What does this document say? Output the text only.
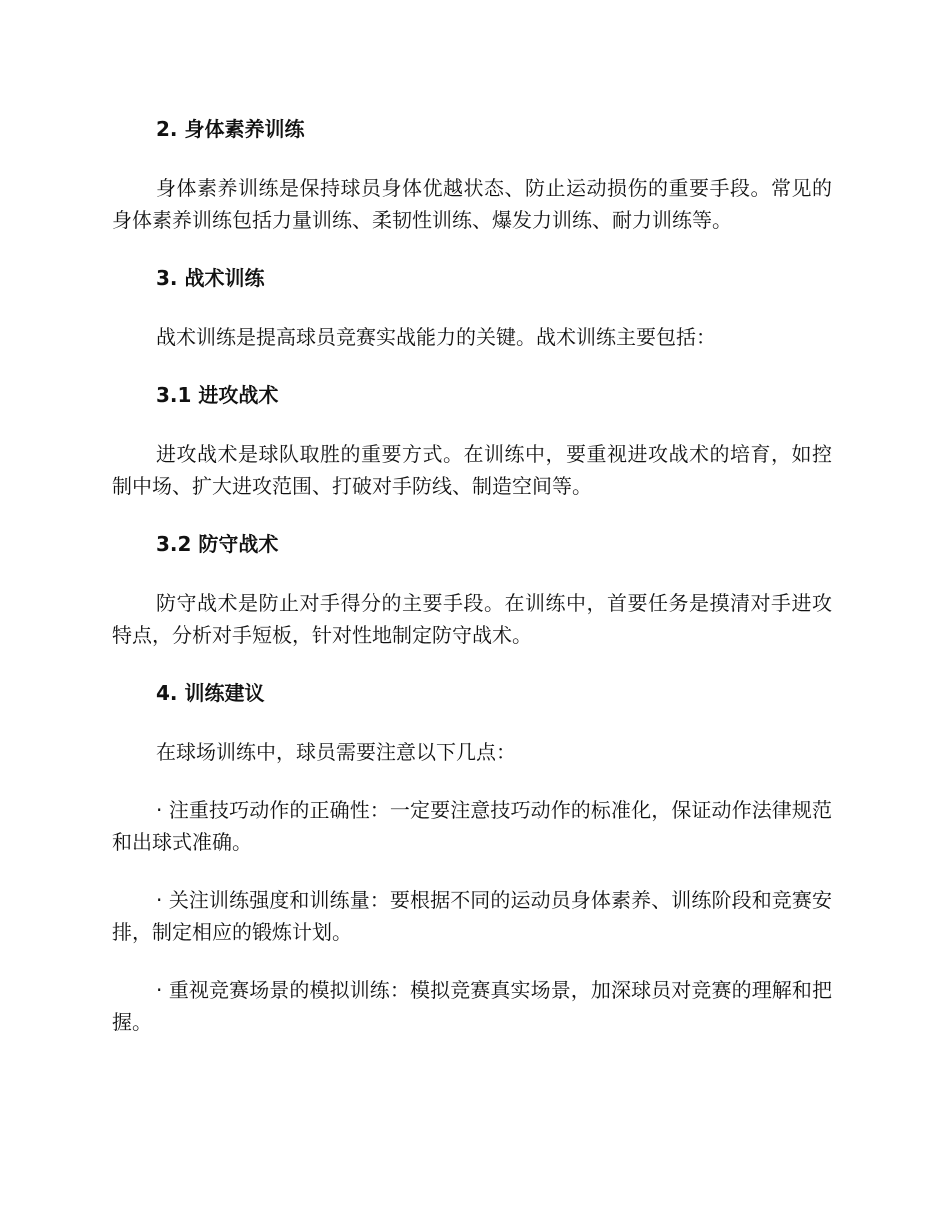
2. 身体素养训练

身体素养训练是保持球员身体优越状态、防止运动损伤的重要手段。常见的身体素养训练包括力量训练、柔韧性训练、爆发力训练、耐力训练等。

3. 战术训练

战术训练是提高球员竞赛实战能力的关键。战术训练主要包括：

3.1 进攻战术

进攻战术是球队取胜的重要方式。在训练中，要重视进攻战术的培育，如控制中场、扩大进攻范围、打破对手防线、制造空间等。

3.2 防守战术

防守战术是防止对手得分的主要手段。在训练中，首要任务是摸清对手进攻特点，分析对手短板，针对性地制定防守战术。

4. 训练建议

在球场训练中，球员需要注意以下几点：

· 注重技巧动作的正确性：一定要注意技巧动作的标准化，保证动作法律规范和出球式准确。

· 关注训练强度和训练量：要根据不同的运动员身体素养、训练阶段和竞赛安排，制定相应的锻炼计划。

· 重视竞赛场景的模拟训练：模拟竞赛真实场景，加深球员对竞赛的理解和把握。
